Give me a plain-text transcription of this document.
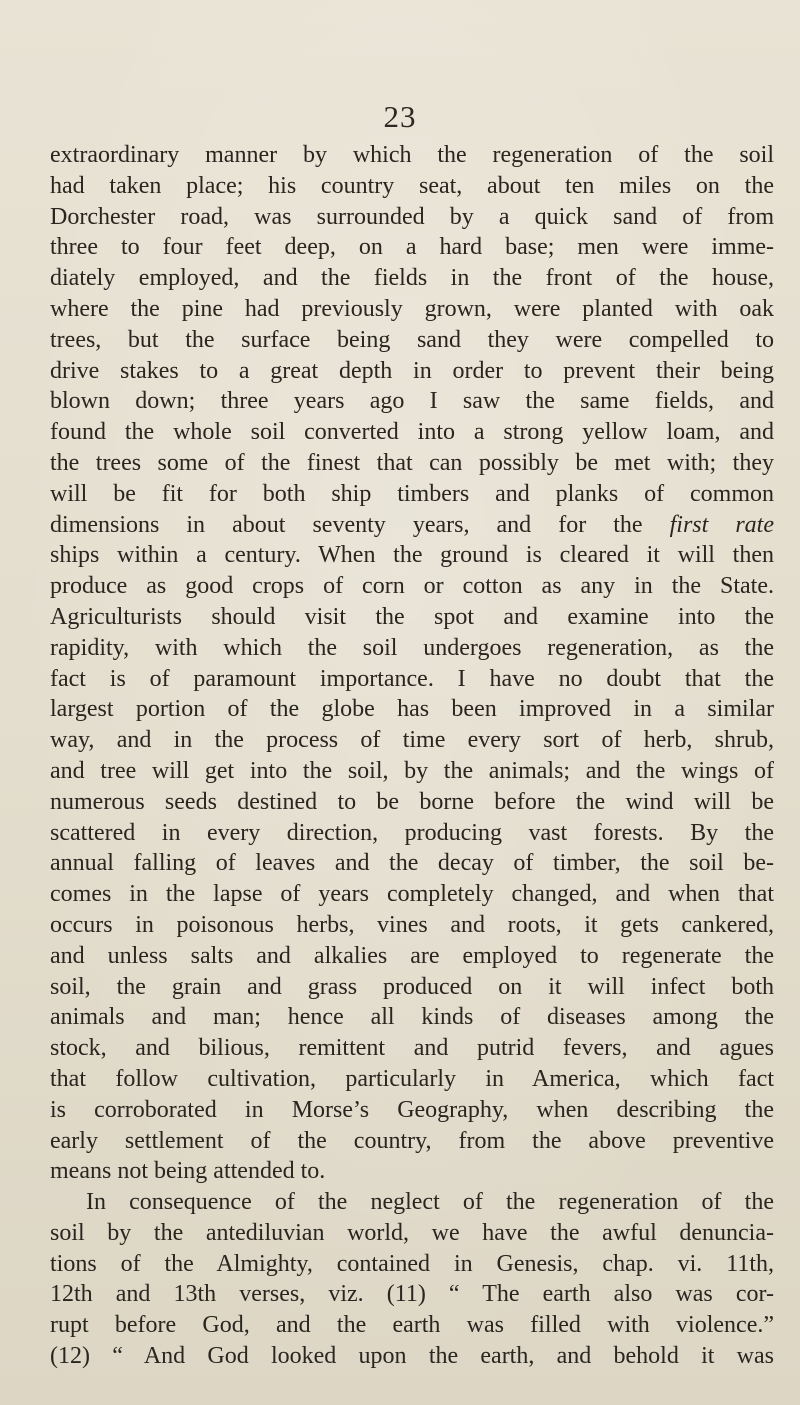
23

extraordinary manner by which the regeneration of the soil
had taken place; his country seat, about ten miles on the
Dorchester road, was surrounded by a quick sand of from
three to four feet deep, on a hard base; men were imme-
diately employed, and the fields in the front of the house,
where the pine had previously grown, were planted with oak
trees, but the surface being sand they were compelled to
drive stakes to a great depth in order to prevent their being
blown down; three years ago I saw the same fields, and
found the whole soil converted into a strong yellow loam, and
the trees some of the finest that can possibly be met with; they
will be fit for both ship timbers and planks of common
dimensions in about seventy years, and for the first rate
ships within a century. When the ground is cleared it will then
produce as good crops of corn or cotton as any in the State.
Agriculturists should visit the spot and examine into the
rapidity, with which the soil undergoes regeneration, as the
fact is of paramount importance. I have no doubt that the
largest portion of the globe has been improved in a similar
way, and in the process of time every sort of herb, shrub,
and tree will get into the soil, by the animals; and the wings of
numerous seeds destined to be borne before the wind will be
scattered in every direction, producing vast forests. By the
annual falling of leaves and the decay of timber, the soil be-
comes in the lapse of years completely changed, and when that
occurs in poisonous herbs, vines and roots, it gets cankered,
and unless salts and alkalies are employed to regenerate the
soil, the grain and grass produced on it will infect both
animals and man; hence all kinds of diseases among the
stock, and bilious, remittent and putrid fevers, and agues
that follow cultivation, particularly in America, which fact
is corroborated in Morse’s Geography, when describing the
early settlement of the country, from the above preventive
means not being attended to.

In consequence of the neglect of the regeneration of the
soil by the antediluvian world, we have the awful denuncia-
tions of the Almighty, contained in Genesis, chap. vi. 11th,
12th and 13th verses, viz. (11) “ The earth also was cor-
rupt before God, and the earth was filled with violence.”
(12) “ And God looked upon the earth, and behold it was
